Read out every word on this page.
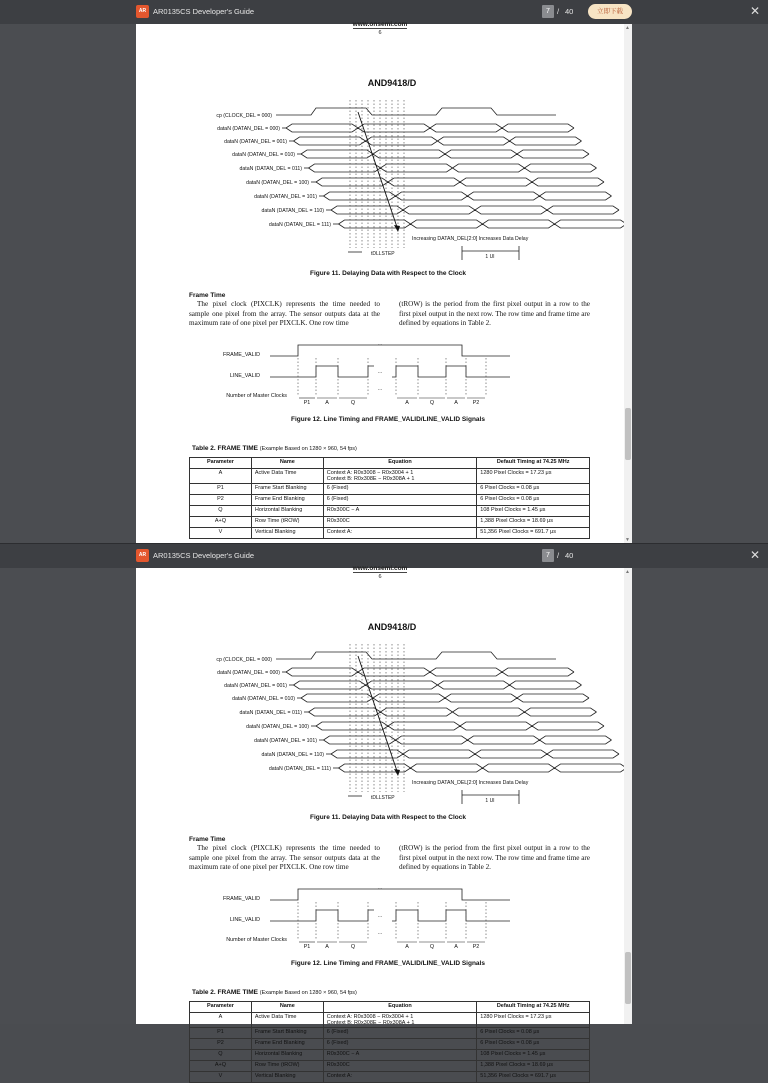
AR AR0135CS Developer's Guide	7 / 40	立即下载	✕
www.onsemi.com
6
AND9418/D
cp (CLOCK_DEL = 000)
dataN (DATAN_DEL = 000)
dataN (DATAN_DEL = 001)
dataN (DATAN_DEL = 010)
dataN (DATAN_DEL = 011)
dataN (DATAN_DEL = 100)
dataN (DATAN_DEL = 101)
dataN (DATAN_DEL = 110)
dataN (DATAN_DEL = 111)
Increasing DATAN_DEL[2:0] Increases Data Delay
tDLLSTEP	1 UI
Figure 11. Delaying Data with Respect to the Clock
Frame Time
The pixel clock (PIXCLK) represents the time needed to sample one pixel from the array. The sensor outputs data at the maximum rate of one pixel per PIXCLK. One row time
(tROW) is the period from the first pixel output in a row to the first pixel output in the next row. The row time and frame time are defined by equations in Table 2.
FRAME_VALID
LINE_VALID
Number of Master Clocks
...
...
...
P1	A	Q	A	Q	A	P2
Figure 12. Line Timing and FRAME_VALID/LINE_VALID Signals
Table 2. FRAME TIME (Example Based on 1280 × 960, 54 fps)
Parameter	Name	Equation	Default Timing at 74.25 MHz
A	Active Data Time	Context A: R0x3008 − R0x3004 + 1
Context B: R0x308E − R0x308A + 1	1280 Pixel Clocks = 17.23 μs
P1	Frame Start Blanking	6 (Fixed)	6 Pixel Clocks = 0.08 μs
P2	Frame End Blanking	6 (Fixed)	6 Pixel Clocks = 0.08 μs
Q	Horizontal Blanking	R0x300C − A	108 Pixel Clocks = 1.45 μs
A+Q	Row Time (tROW)	R0x300C	1,388 Pixel Clocks = 18.69 μs
V	Vertical Blanking	Context A:	51,356 Pixel Clocks = 691.7 μs
▲
▼
AR AR0135CS Developer's Guide	7 / 40	✕
www.onsemi.com
6
AND9418/D
cp (CLOCK_DEL = 000)
dataN (DATAN_DEL = 000)
dataN (DATAN_DEL = 001)
dataN (DATAN_DEL = 010)
dataN (DATAN_DEL = 011)
dataN (DATAN_DEL = 100)
dataN (DATAN_DEL = 101)
dataN (DATAN_DEL = 110)
dataN (DATAN_DEL = 111)
Increasing DATAN_DEL[2:0] Increases Data Delay
tDLLSTEP	1 UI
Figure 11. Delaying Data with Respect to the Clock
Frame Time
The pixel clock (PIXCLK) represents the time needed to sample one pixel from the array. The sensor outputs data at the maximum rate of one pixel per PIXCLK. One row time
(tROW) is the period from the first pixel output in a row to the first pixel output in the next row. The row time and frame time are defined by equations in Table 2.
FRAME_VALID
LINE_VALID
Number of Master Clocks
...
...
...
P1	A	Q	A	Q	A	P2
Figure 12. Line Timing and FRAME_VALID/LINE_VALID Signals
Table 2. FRAME TIME (Example Based on 1280 × 960, 54 fps)
Parameter	Name	Equation	Default Timing at 74.25 MHz
A	Active Data Time	Context A: R0x3008 − R0x3004 + 1
Context B: R0x308E − R0x308A + 1	1280 Pixel Clocks = 17.23 μs
P1	Frame Start Blanking	6 (Fixed)	6 Pixel Clocks = 0.08 μs
P2	Frame End Blanking	6 (Fixed)	6 Pixel Clocks = 0.08 μs
Q	Horizontal Blanking	R0x300C − A	108 Pixel Clocks = 1.45 μs
A+Q	Row Time (tROW)	R0x300C	1,388 Pixel Clocks = 18.69 μs
V	Vertical Blanking	Context A:	51,356 Pixel Clocks = 691.7 μs
▲
